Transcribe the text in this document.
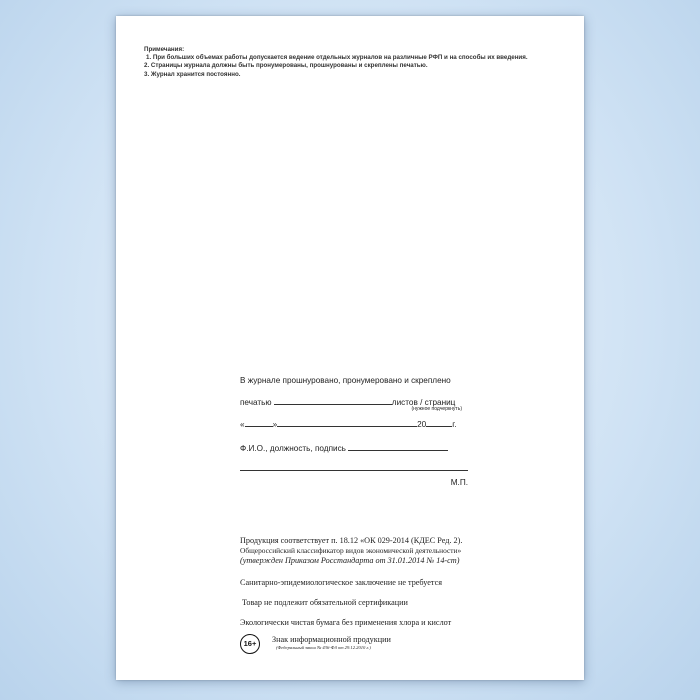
Примечания:
1. При больших объемах работы допускается ведение отдельных журналов на различные РФП и на способы их введения.
2. Страницы журнала должны быть пронумерованы, прошнурованы и скреплены печатью.
3. Журнал хранится постоянно.
В журнале прошнуровано, пронумеровано и скреплено
печатью	листов / страниц
(нужное подчеркнуть)
«	»	20	г.
Ф.И.О., должность, подпись
М.П.
Продукция соответствует п. 18.12 «ОК 029-2014 (КДЕС Ред. 2).
Общероссийский классификатор видов экономической деятельности»
(утвержден Приказом Росстандарта от 31.01.2014 № 14-ст)
Санитарно-эпидемиологическое заключение не требуется
Товар не подлежит обязательной сертификации
Экологически чистая бумага без применения хлора и кислот
16+	Знак информационной продукции
(Федеральный закон № 436-ФЗ от 29.12.2010 г.)
